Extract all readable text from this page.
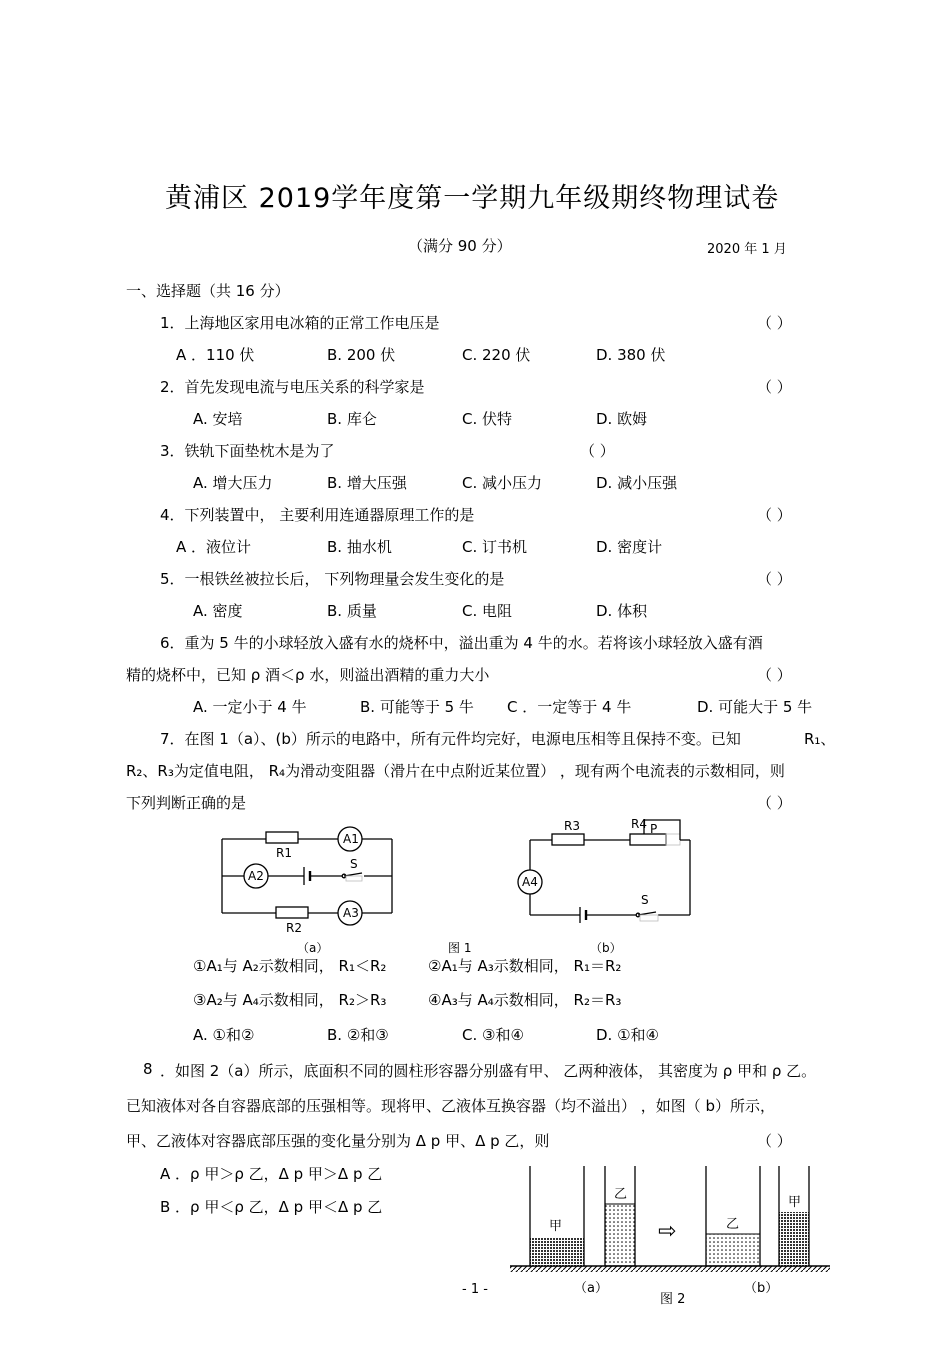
黄浦区 2019学年度第一学期九年级期终物理试卷
（满分 90 分）	2020 年 1 月
一、选择题（共 16 分）
1．上海地区家用电冰箱的正常工作电压是	（ ）
A ．110 伏	B. 200 伏	C. 220 伏	D. 380 伏
2．首先发现电流与电压关系的科学家是	（ ）
A. 安培	B. 库仑	C. 伏特	D. 欧姆
3．铁轨下面垫枕木是为了	（ ）
A. 增大压力	B. 增大压强	C. 减小压力	D. 减小压强
4．下列装置中， 主要利用连通器原理工作的是	（ ）
A ．液位计	B. 抽水机	C. 订书机	D. 密度计
5．一根铁丝被拉长后， 下列物理量会发生变化的是	（ ）
A. 密度	B. 质量	C. 电阻	D. 体积
6．重为 5 牛的小球轻放入盛有水的烧杯中，溢出重为 4 牛的水。若将该小球轻放入盛有酒
精的烧杯中，已知 ρ 酒＜ρ 水，则溢出酒精的重力大小	（ ）
A. 一定小于 4 牛	B. 可能等于 5 牛 C ．一定等于 4 牛	D. 可能大于 5 牛
7．在图 1（a）、(b）所示的电路中，所有元件均完好，电源电压相等且保持不变。已知	R₁、
R₂、R₃为定值电阻， R₄为滑动变阻器（滑片在中点附近某位置） ，现有两个电流表的示数相同，则
下列判断正确的是	（ ）
R1
A1
A2
S
R2
A3
R3	R4 P
A4
S
（a）	图 1	（b）
①A₁与 A₂示数相同， R₁＜R₂	②A₁与 A₃示数相同， R₁＝R₂
③A₂与 A₄示数相同， R₂＞R₃	④A₃与 A₄示数相同， R₂＝R₃
A. ①和②	B. ②和③	C. ③和④	D. ①和④
8 ．如图 2（a）所示，底面积不同的圆柱形容器分别盛有甲、 乙两种液体， 其密度为 ρ 甲和 ρ 乙。
已知液体对各自容器底部的压强相等。现将甲、乙液体互换容器（均不溢出） ，如图（ b）所示，
甲、乙液体对容器底部压强的变化量分别为 Δ p 甲、Δ p 乙，则	（ ）
A ．ρ 甲＞ρ 乙，Δ p 甲＞Δ p 乙
B ．ρ 甲＜ρ 乙，Δ p 甲＜Δ p 乙
甲
乙
乙
甲
⇨
（a）	（b）
图 2
- 1 -
